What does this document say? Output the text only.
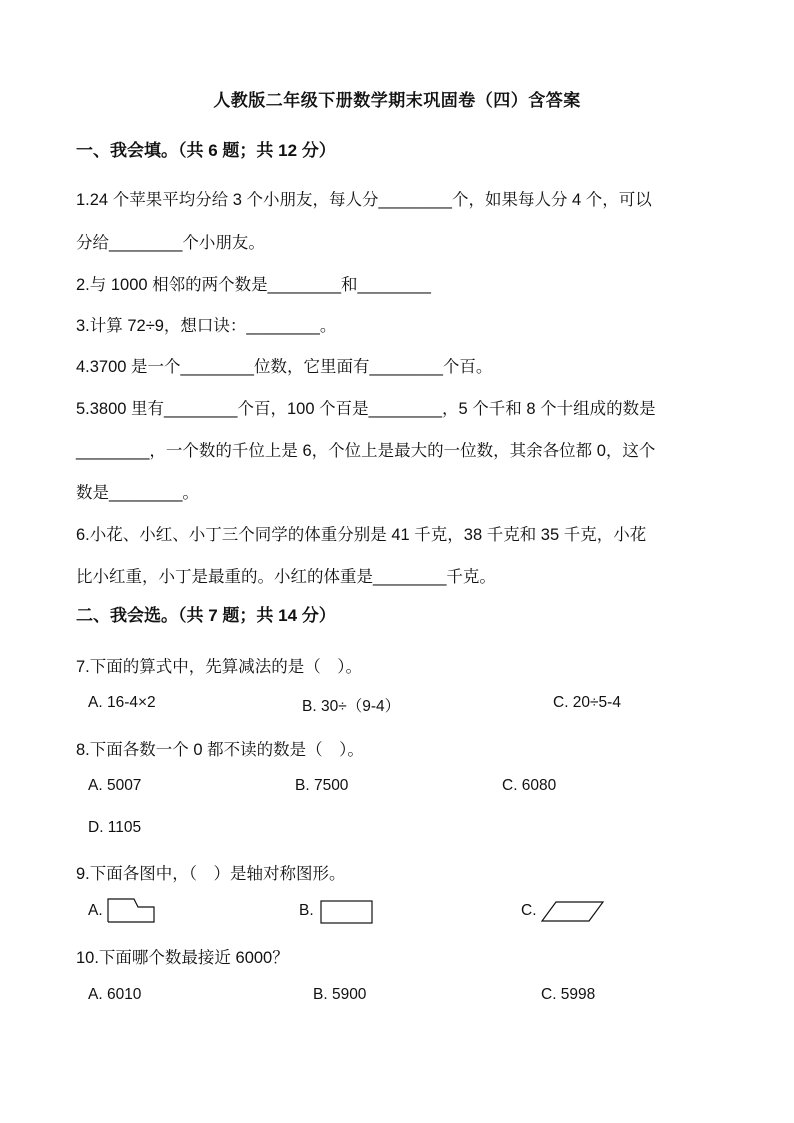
人教版二年级下册数学期末巩固卷（四）含答案
一、我会填。（共 6 题；共 12 分）
1.24 个苹果平均分给 3 个小朋友，每人分________个，如果每人分 4 个，可以
分给________个小朋友。
2.与 1000 相邻的两个数是________和________
3.计算 72÷9，想口诀：________。
4.3700 是一个________位数，它里面有________个百。
5.3800 里有________个百，100 个百是________，5 个千和 8 个十组成的数是
________，一个数的千位上是 6，个位上是最大的一位数，其余各位都 0，这个
数是________。
6.小花、小红、小丁三个同学的体重分别是 41 千克，38 千克和 35 千克，小花
比小红重，小丁是最重的。小红的体重是________千克。
二、我会选。（共 7 题；共 14 分）
7.下面的算式中，先算减法的是（　）。
A. 16-4×2	B. 30÷（9-4）	C. 20÷5-4
8.下面各数一个 0 都不读的数是（　）。
A. 5007	B. 7500	C. 6080
D. 1105
9.下面各图中，（　）是轴对称图形。
A.	B.	C.
10.下面哪个数最接近 6000？
A. 6010	B. 5900	C. 5998
